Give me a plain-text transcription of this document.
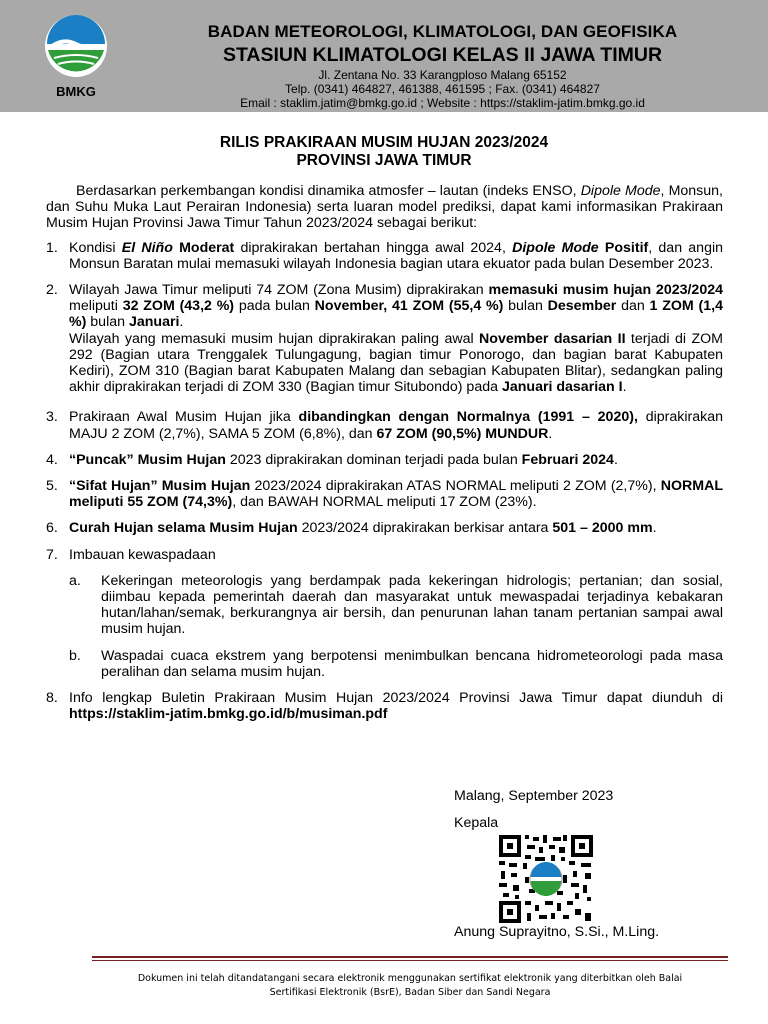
BMKG
BADAN METEOROLOGI, KLIMATOLOGI, DAN GEOFISIKA
STASIUN KLIMATOLOGI KELAS II JAWA TIMUR
Jl. Zentana No. 33 Karangploso Malang 65152
Telp. (0341) 464827, 461388, 461595 ; Fax. (0341) 464827
Email : staklim.jatim@bmkg.go.id ; Website : https://staklim-jatim.bmkg.go.id
RILIS PRAKIRAAN MUSIM HUJAN 2023/2024
PROVINSI JAWA TIMUR

Berdasarkan perkembangan kondisi dinamika atmosfer – lautan (indeks ENSO, Dipole Mode, Monsun, dan Suhu Muka Laut Perairan Indonesia) serta luaran model prediksi, dapat kami informasikan Prakiraan Musim Hujan Provinsi Jawa Timur Tahun 2023/2024 sebagai berikut:

1. Kondisi El Niño Moderat diprakirakan bertahan hingga awal 2024, Dipole Mode Positif, dan angin Monsun Baratan mulai memasuki wilayah Indonesia bagian utara ekuator pada bulan Desember 2023.

2. Wilayah Jawa Timur meliputi 74 ZOM (Zona Musim) diprakirakan memasuki musim hujan 2023/2024 meliputi 32 ZOM (43,2 %) pada bulan November, 41 ZOM (55,4 %) bulan Desember dan 1 ZOM (1,4 %) bulan Januari.

Wilayah yang memasuki musim hujan diprakirakan paling awal November dasarian II terjadi di ZOM 292 (Bagian utara Trenggalek Tulungagung, bagian timur Ponorogo, dan bagian barat Kabupaten Kediri), ZOM 310 (Bagian barat Kabupaten Malang dan sebagian Kabupaten Blitar), sedangkan paling akhir diprakirakan terjadi di ZOM 330 (Bagian timur Situbondo) pada Januari dasarian I.

3. Prakiraan Awal Musim Hujan jika dibandingkan dengan Normalnya (1991 – 2020), diprakirakan MAJU 2 ZOM (2,7%), SAMA 5 ZOM (6,8%), dan 67 ZOM (90,5%) MUNDUR.

4. “Puncak” Musim Hujan 2023 diprakirakan dominan terjadi pada bulan Februari 2024.

5. “Sifat Hujan” Musim Hujan 2023/2024 diprakirakan ATAS NORMAL meliputi 2 ZOM (2,7%), NORMAL meliputi 55 ZOM (74,3%), dan BAWAH NORMAL meliputi 17 ZOM (23%).

6. Curah Hujan selama Musim Hujan 2023/2024 diprakirakan berkisar antara 501 – 2000 mm.

7. Imbauan kewaspadaan

a. Kekeringan meteorologis yang berdampak pada kekeringan hidrologis; pertanian; dan sosial, diimbau kepada pemerintah daerah dan masyarakat untuk mewaspadai terjadinya kebakaran hutan/lahan/semak, berkurangnya air bersih, dan penurunan lahan tanam pertanian sampai awal musim hujan.

b. Waspadai cuaca ekstrem yang berpotensi menimbulkan bencana hidrometeorologi pada masa peralihan dan selama musim hujan.

8. Info lengkap Buletin Prakiraan Musim Hujan 2023/2024 Provinsi Jawa Timur dapat diunduh di https://staklim-jatim.bmkg.go.id/b/musiman.pdf

Malang, September 2023
Kepala
Anung Suprayitno, S.Si., M.Ling.
Dokumen ini telah ditandatangani secara elektronik menggunakan sertifikat elektronik yang diterbitkan oleh Balai
Sertifikasi Elektronik (BsrE), Badan Siber dan Sandi Negara
